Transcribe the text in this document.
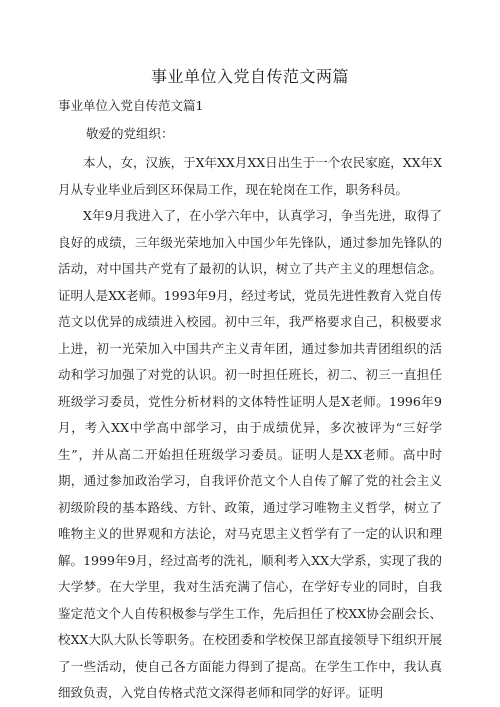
事业单位入党自传范文两篇
事业单位入党自传范文篇1
敬爱的党组织：

本人，女，汉族，于X年XX月XX日出生于一个农民家庭，XX年X月从专业毕业后到区环保局工作，现在轮岗在工作，职务科员。

X年9月我进入了，在小学六年中，认真学习，争当先进，取得了良好的成绩，三年级光荣地加入中国少年先锋队，通过参加先锋队的活动，对中国共产党有了最初的认识，树立了共产主义的理想信念。证明人是XX老师。1993年9月，经过考试，党员先进性教育入党自传范文以优异的成绩进入校园。初中三年，我严格要求自己，积极要求上进，初一光荣加入中国共产主义青年团，通过参加共青团组织的活动和学习加强了对党的认识。初一时担任班长，初二、初三一直担任班级学习委员，党性分析材料的文体特性证明人是X老师。1996年9月，考入XX中学高中部学习，由于成绩优异，多次被评为“三好学生”，并从高二开始担任班级学习委员。证明人是XX老师。高中时期，通过参加政治学习，自我评价范文个人自传了解了党的社会主义初级阶段的基本路线、方针、政策，通过学习唯物主义哲学，树立了唯物主义的世界观和方法论，对马克思主义哲学有了一定的认识和理解。1999年9月，经过高考的洗礼，顺利考入XX大学系，实现了我的大学梦。在大学里，我对生活充满了信心，在学好专业的同时，自我鉴定范文个人自传积极参与学生工作，先后担任了校XX协会副会长、校XX大队大队长等职务。在校团委和学校保卫部直接领导下组织开展了一些活动，使自己各方面能力得到了提高。在学生工作中，我认真细致负责，入党自传格式范文深得老师和同学的好评。证明
